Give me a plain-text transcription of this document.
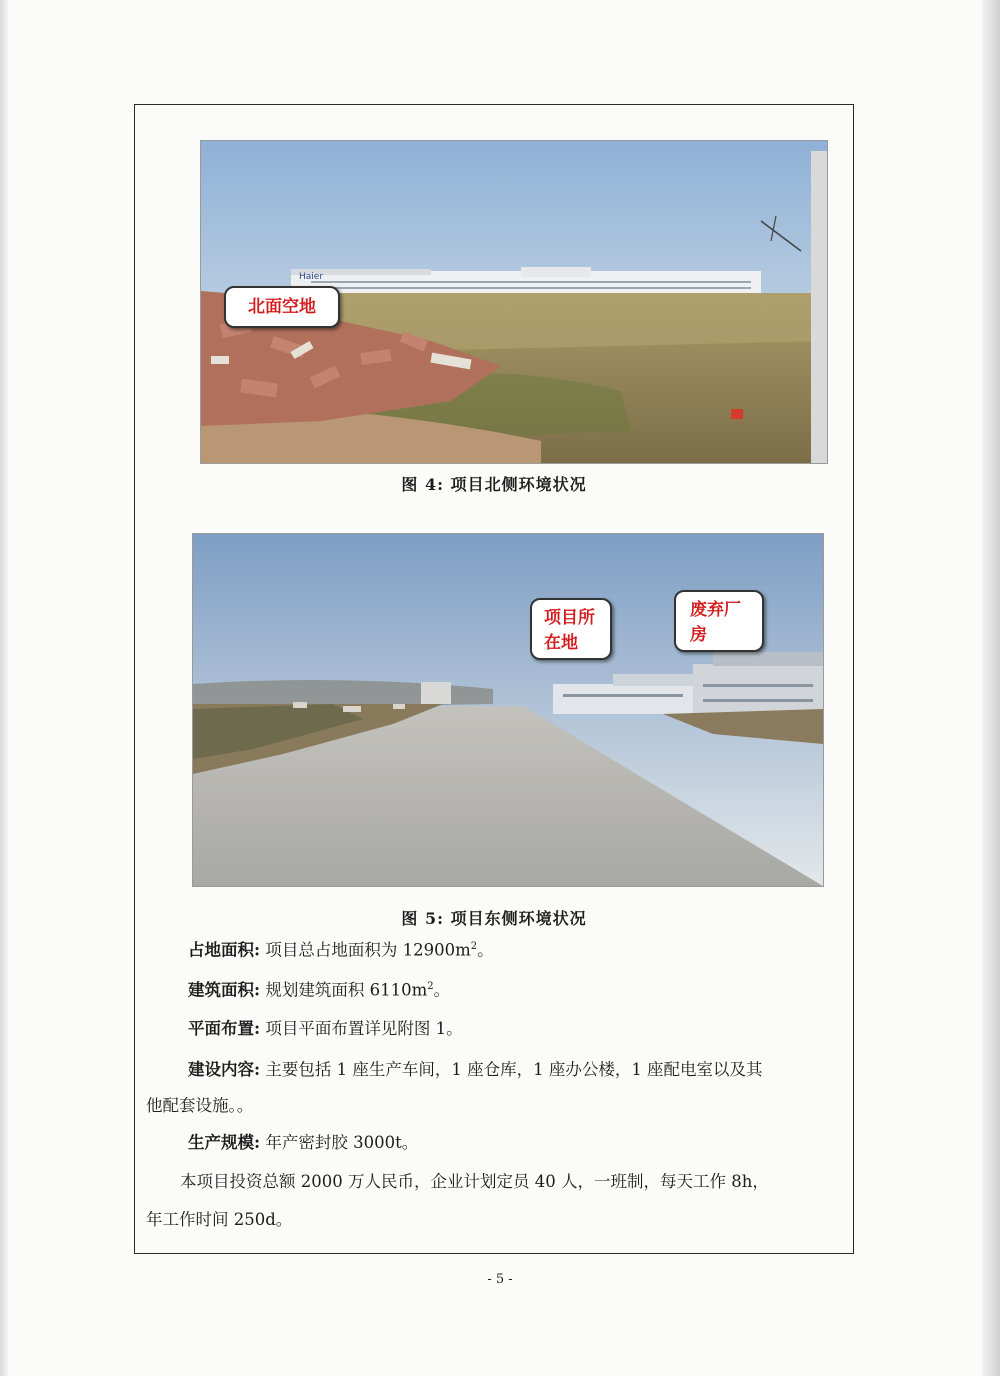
Haier
北面空地
图 4: 项目北侧环境状况
项目所
在地
废弃厂
房
图 5: 项目东侧环境状况
占地面积: 项目总占地面积为 $12900m^2$。
建筑面积: 规划建筑面积 $6110m^2$。
平面布置: 项目平面布置详见附图 1。
建设内容: 主要包括 1 座生产车间，1 座仓库，1 座办公楼，1 座配电室以及其
他配套设施。。
生产规模: 年产密封胶 3000t。
本项目投资总额 2000 万人民币，企业计划定员 40 人，一班制，每天工作 8h，
年工作时间 250d。
- 5 -
